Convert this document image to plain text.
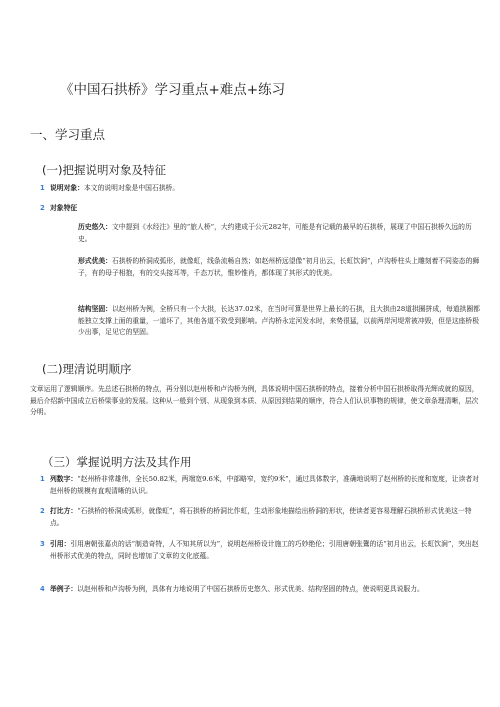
《中国石拱桥》学习重点+难点+练习
一、学习重点
(一)把握说明对象及特征
1 说明对象：本文的说明对象是中国石拱桥。

2 对象特征

历史悠久：文中提到《水经注》里的“旅人桥”，大约建成于公元282年，可能是有记载的最早的石拱桥，展现了中国石拱桥久远的历史。

形式优美：石拱桥的桥洞成弧形，就像虹，线条流畅自然；如赵州桥远望像“初月出云，长虹饮涧”，卢沟桥柱头上雕刻着不同姿态的狮子，有的母子相抱，有的交头接耳等，千态万状，惟妙惟肖，都体现了其形式的优美。

结构坚固：以赵州桥为例，全桥只有一个大拱，长达37.02米，在当时可算是世界上最长的石拱，且大拱由28道拱圈拼成，每道拱圈都能独立支撑上面的重量，一道坏了，其他各道不致受到影响。卢沟桥永定河发水时，来势很猛，以前两岸河堤常被冲毁，但是这座桥极少出事，足见它的坚固。

(二)理清说明顺序

文章运用了逻辑顺序。先总述石拱桥的特点，再分别以赵州桥和卢沟桥为例，具体说明中国石拱桥的特点，接着分析中国石拱桥取得光辉成就的原因，最后介绍新中国成立后桥梁事业的发展。这种从一般到个别、从现象到本质、从原因到结果的顺序，符合人们认识事物的规律，使文章条理清晰，层次分明。

（三）掌握说明方法及其作用
1 列数字：“赵州桥非常雄伟，全长50.82米，两端宽9.6米，中部略窄，宽约9米”，通过具体数字，准确地说明了赵州桥的长度和宽度，让读者对赵州桥的规模有直观清晰的认识。

2 打比方：“石拱桥的桥洞成弧形，就像虹”，将石拱桥的桥洞比作虹，生动形象地描绘出桥洞的形状，使读者更容易理解石拱桥形式优美这一特点。

3 引用：引用唐朝张嘉贞的话“制造奇特，人不知其所以为”，说明赵州桥设计施工的巧妙绝伦；引用唐朝张鷟的话“初月出云，长虹饮涧”，突出赵州桥形式优美的特点，同时也增加了文章的文化底蕴。

4 举例子：以赵州桥和卢沟桥为例，具体有力地说明了中国石拱桥历史悠久、形式优美、结构坚固的特点，使说明更具说服力。
